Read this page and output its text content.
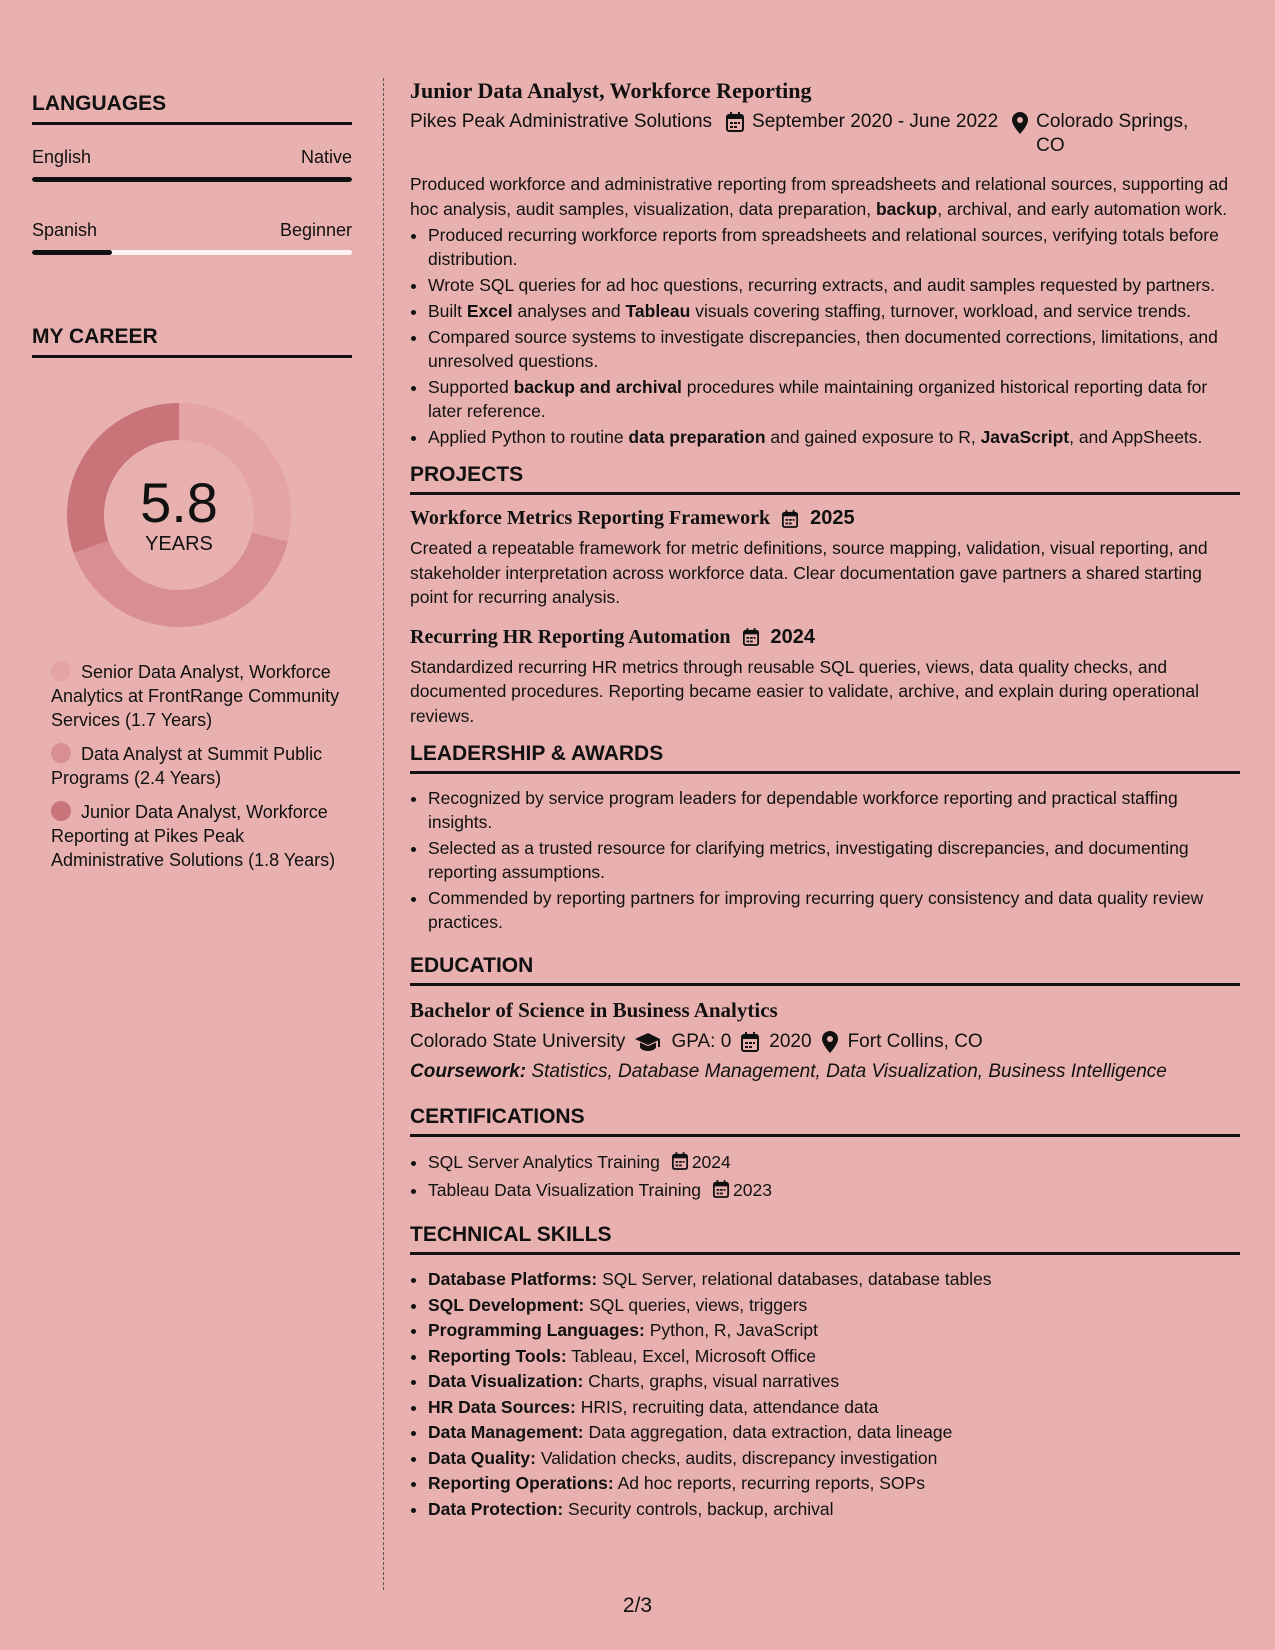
LANGUAGES
English	Native
Spanish	Beginner
MY CAREER
5.8
YEARS
Senior Data Analyst, Workforce Analytics at FrontRange Community Services (1.7 Years)
Data Analyst at Summit Public Programs (2.4 Years)
Junior Data Analyst, Workforce Reporting at Pikes Peak Administrative Solutions (1.8 Years)
Junior Data Analyst, Workforce Reporting
Pikes Peak Administrative Solutions September 2020 - June 2022 Colorado Springs, CO

Produced workforce and administrative reporting from spreadsheets and relational sources, supporting ad hoc analysis, audit samples, visualization, data preparation, backup, archival, and early automation work.

• Produced recurring workforce reports from spreadsheets and relational sources, verifying totals before distribution.
• Wrote SQL queries for ad hoc questions, recurring extracts, and audit samples requested by partners.
• Built Excel analyses and Tableau visuals covering staffing, turnover, workload, and service trends.
• Compared source systems to investigate discrepancies, then documented corrections, limitations, and unresolved questions.
• Supported backup and archival procedures while maintaining organized historical reporting data for later reference.
• Applied Python to routine data preparation and gained exposure to R, JavaScript, and AppSheets.
PROJECTS
Workforce Metrics Reporting Framework 2025

Created a repeatable framework for metric definitions, source mapping, validation, visual reporting, and stakeholder interpretation across workforce data. Clear documentation gave partners a shared starting point for recurring analysis.

Recurring HR Reporting Automation 2024

Standardized recurring HR metrics through reusable SQL queries, views, data quality checks, and documented procedures. Reporting became easier to validate, archive, and explain during operational reviews.

LEADERSHIP & AWARDS
• Recognized by service program leaders for dependable workforce reporting and practical staffing insights.
• Selected as a trusted resource for clarifying metrics, investigating discrepancies, and documenting reporting assumptions.
• Commended by reporting partners for improving recurring query consistency and data quality review practices.
EDUCATION
Bachelor of Science in Business Analytics
Colorado State University GPA: 0 2020 Fort Collins, CO
Coursework: Statistics, Database Management, Data Visualization, Business Intelligence
CERTIFICATIONS
• SQL Server Analytics Training 2024
• Tableau Data Visualization Training 2023
TECHNICAL SKILLS
• Database Platforms: SQL Server, relational databases, database tables
• SQL Development: SQL queries, views, triggers
• Programming Languages: Python, R, JavaScript
• Reporting Tools: Tableau, Excel, Microsoft Office
• Data Visualization: Charts, graphs, visual narratives
• HR Data Sources: HRIS, recruiting data, attendance data
• Data Management: Data aggregation, data extraction, data lineage
• Data Quality: Validation checks, audits, discrepancy investigation
• Reporting Operations: Ad hoc reports, recurring reports, SOPs
• Data Protection: Security controls, backup, archival
2/3
